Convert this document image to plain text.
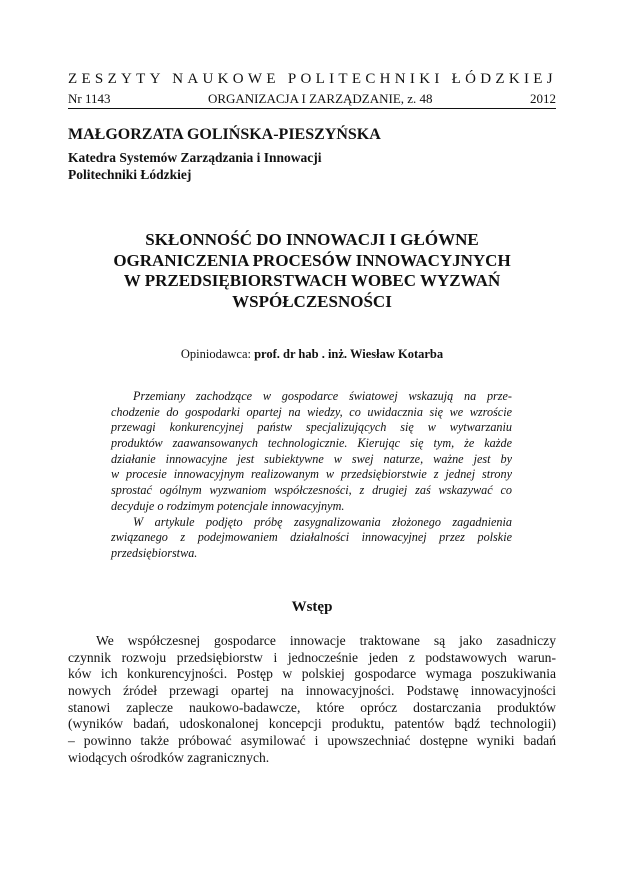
ZESZYTY NAUKOWE POLITECHNIKI ŁÓDZKIEJ
Nr 1143	ORGANIZACJA I ZARZĄDZANIE, z. 48	2012
MAŁGORZATA GOLIŃSKA-PIESZYŃSKA
Katedra Systemów Zarządzania i Innowacji
Politechniki Łódzkiej
SKŁONNOŚĆ DO INNOWACJI I GŁÓWNE
OGRANICZENIA PROCESÓW INNOWACYJNYCH
W PRZEDSIĘBIORSTWACH WOBEC WYZWAŃ
WSPÓŁCZESNOŚCI
Opiniodawca: prof. dr hab . inż. Wiesław Kotarba
Przemiany zachodzące w gospodarce światowej wskazują na prze-
chodzenie do gospodarki opartej na wiedzy, co uwidacznia się we wzroście
przewagi konkurencyjnej państw specjalizujących się w wytwarzaniu
produktów zaawansowanych technologicznie. Kierując się tym, że każde
działanie innowacyjne jest subiektywne w swej naturze, ważne jest by
w procesie innowacyjnym realizowanym w przedsiębiorstwie z jednej strony
sprostać ogólnym wyzwaniom współczesności, z drugiej zaś wskazywać co
decyduje o rodzimym potencjale innowacyjnym.
W artykule podjęto próbę zasygnalizowania złożonego zagadnienia
związanego z podejmowaniem działalności innowacyjnej przez polskie
przedsiębiorstwa.
Wstęp
We współczesnej gospodarce innowacje traktowane są jako zasadniczy
czynnik rozwoju przedsiębiorstw i jednocześnie jeden z podstawowych warun-
ków ich konkurencyjności. Postęp w polskiej gospodarce wymaga poszukiwania
nowych źródeł przewagi opartej na innowacyjności. Podstawę innowacyjności
stanowi zaplecze naukowo-badawcze, które oprócz dostarczania produktów
(wyników badań, udoskonalonej koncepcji produktu, patentów bądź technologii)
– powinno także próbować asymilować i upowszechniać dostępne wyniki badań
wiodących ośrodków zagranicznych.
